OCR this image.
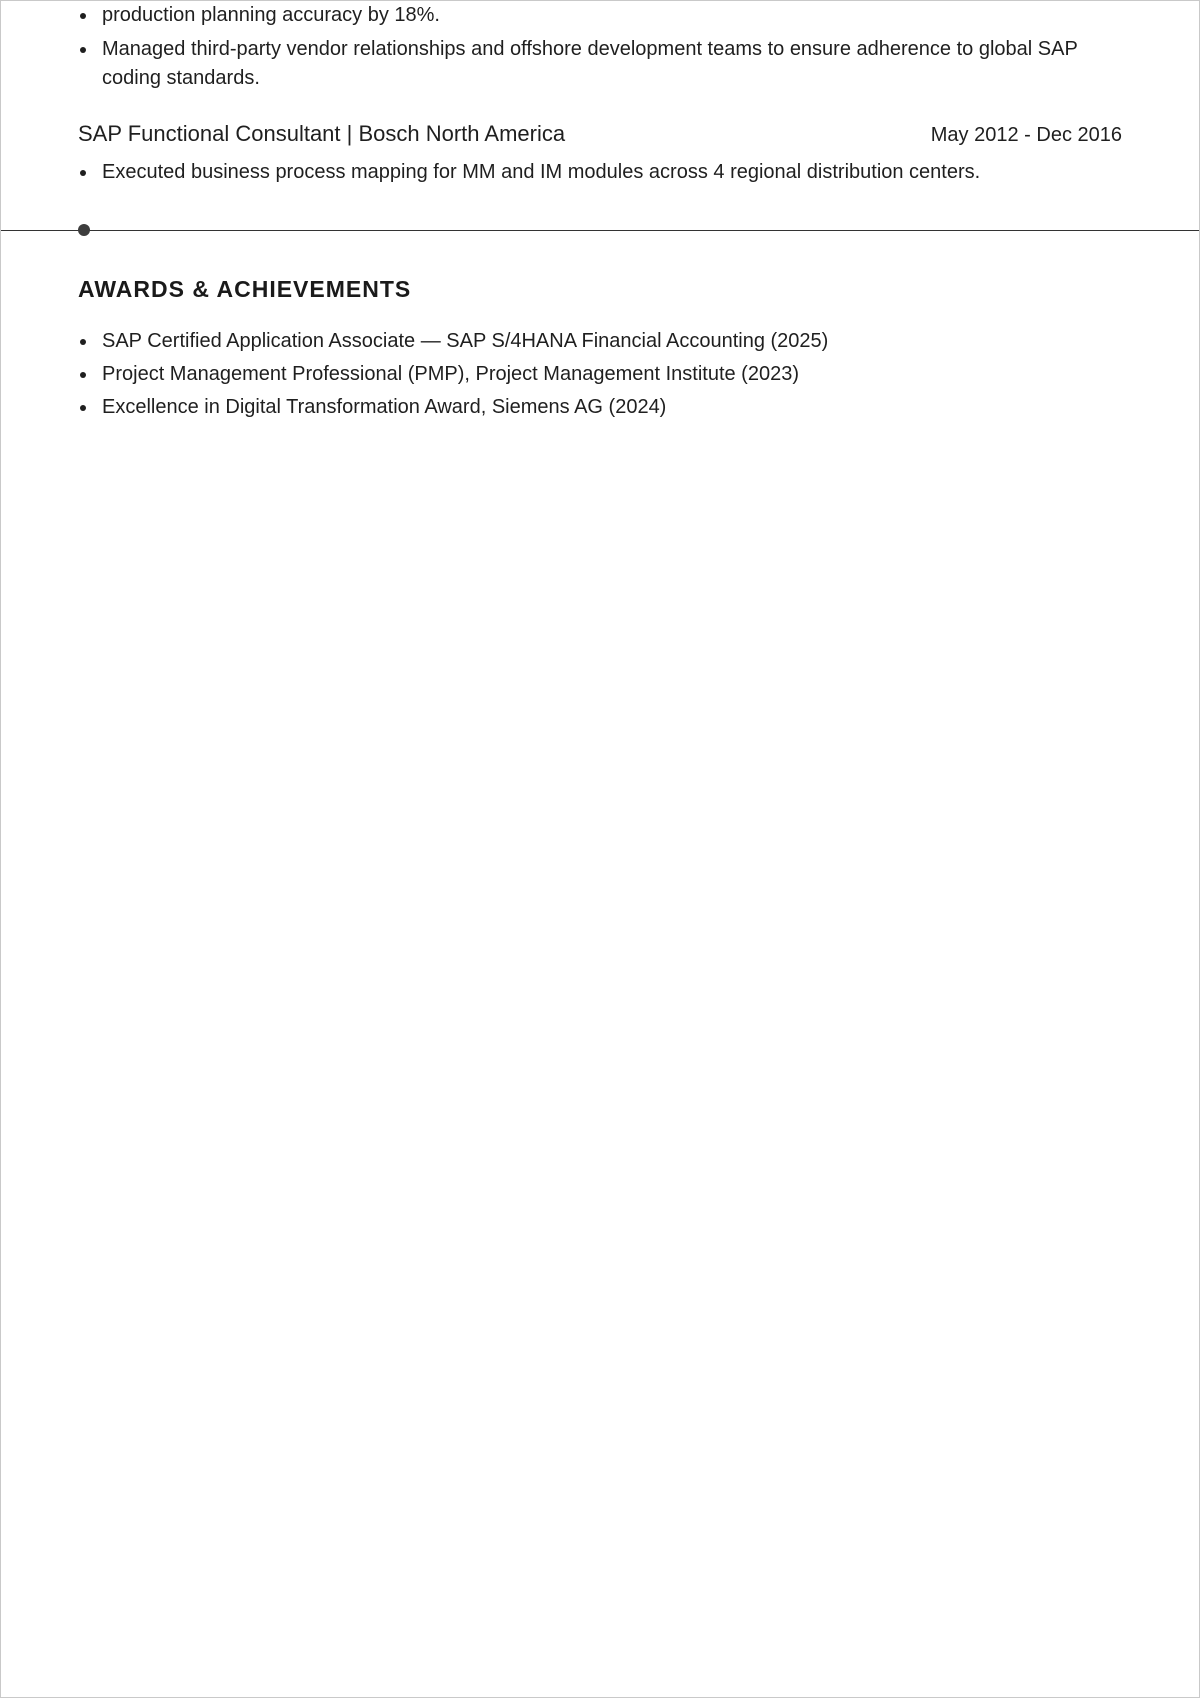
production planning accuracy by 18%.
Managed third-party vendor relationships and offshore development teams to ensure adherence to global SAP coding standards.
SAP Functional Consultant | Bosch North America	May 2012 - Dec 2016
Executed business process mapping for MM and IM modules across 4 regional distribution centers.
AWARDS & ACHIEVEMENTS
SAP Certified Application Associate — SAP S/4HANA Financial Accounting (2025)
Project Management Professional (PMP), Project Management Institute (2023)
Excellence in Digital Transformation Award, Siemens AG (2024)
